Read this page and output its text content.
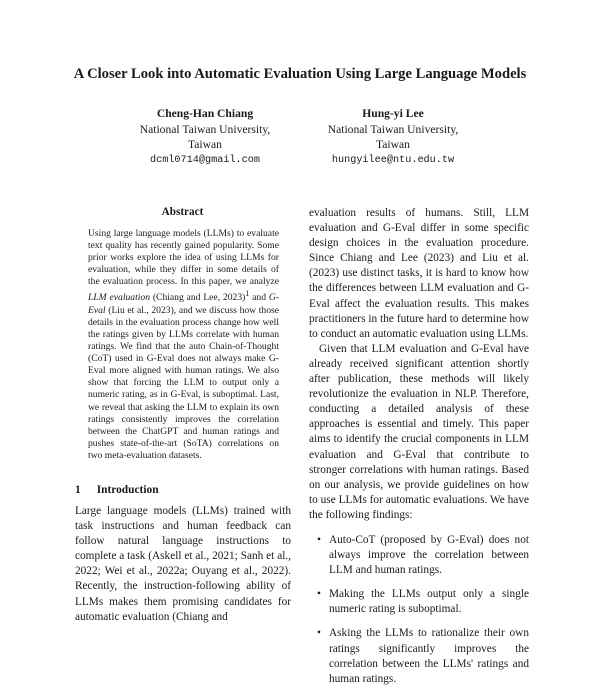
A Closer Look into Automatic Evaluation Using Large Language Models
Cheng-Han Chiang
National Taiwan University,
Taiwan
dcml0714@gmail.com
Hung-yi Lee
National Taiwan University,
Taiwan
hungyilee@ntu.edu.tw
Abstract

Using large language models (LLMs) to evaluate text quality has recently gained popularity. Some prior works explore the idea of using LLMs for evaluation, while they differ in some details of the evaluation process. In this paper, we analyze LLM evaluation (Chiang and Lee, 2023)$^1$ and G-Eval (Liu et al., 2023), and we discuss how those details in the evaluation process change how well the ratings given by LLMs correlate with human ratings. We find that the auto Chain-of-Thought (CoT) used in G-Eval does not always make G-Eval more aligned with human ratings. We also show that forcing the LLM to output only a numeric rating, as in G-Eval, is suboptimal. Last, we reveal that asking the LLM to explain its own ratings consistently improves the correlation between the ChatGPT and human ratings and pushes state-of-the-art (SoTA) correlations on two meta-evaluation datasets.

1 Introduction

Large language models (LLMs) trained with task instructions and human feedback can follow natural language instructions to complete a task (Askell et al., 2021; Sanh et al., 2022; Wei et al., 2022a; Ouyang et al., 2022). Recently, the instruction-following ability of LLMs makes them promising candidates for automatic evaluation (Chiang and

evaluation results of humans. Still, LLM evaluation and G-Eval differ in some specific design choices in the evaluation procedure. Since Chiang and Lee (2023) and Liu et al. (2023) use distinct tasks, it is hard to know how the differences between LLM evaluation and G-Eval affect the evaluation results. This makes practitioners in the future hard to determine how to conduct an automatic evaluation using LLMs.

Given that LLM evaluation and G-Eval have already received significant attention shortly after publication, these methods will likely revolutionize the evaluation in NLP. Therefore, conducting a detailed analysis of these approaches is essential and timely. This paper aims to identify the crucial components in LLM evaluation and G-Eval that contribute to stronger correlations with human ratings. Based on our analysis, we provide guidelines on how to use LLMs for automatic evaluations. We have the following findings:

• Auto-CoT (proposed by G-Eval) does not always improve the correlation between LLM and human ratings.
• Making the LLMs output only a single numeric rating is suboptimal.
• Asking the LLMs to rationalize their own ratings significantly improves the correlation between the LLMs' ratings and human ratings.
